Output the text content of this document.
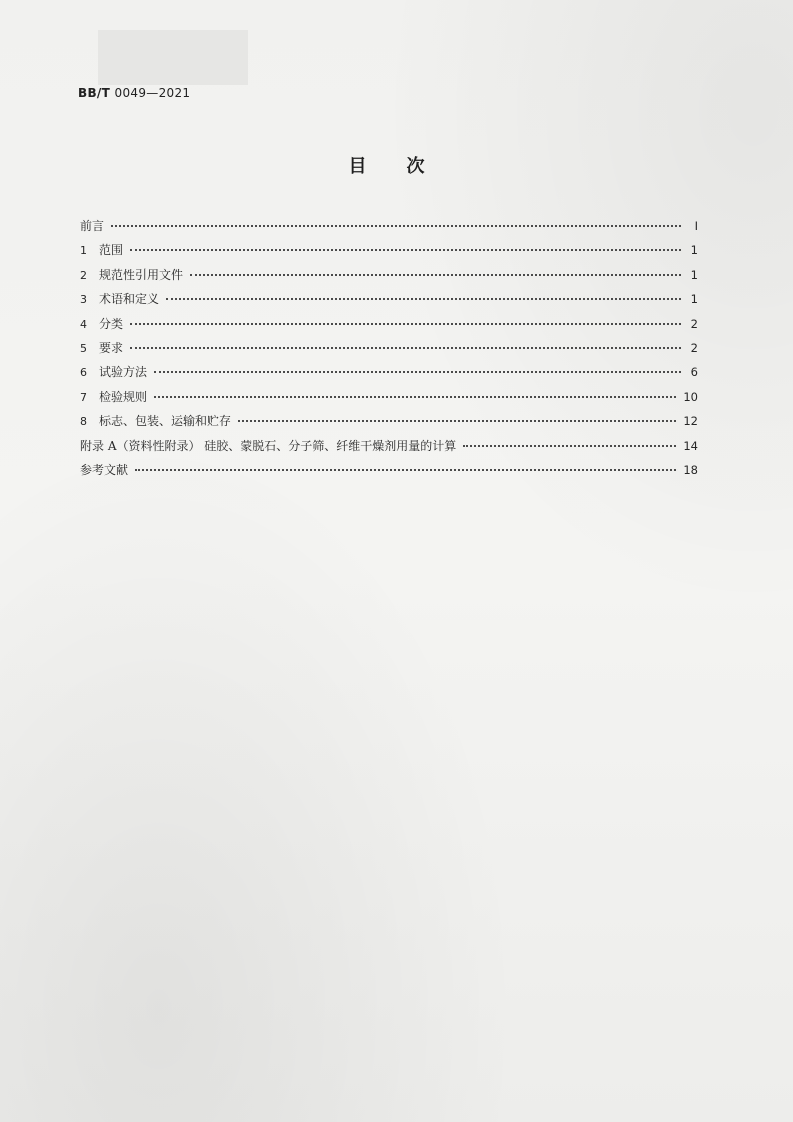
BB/T 0049—2021
目次
前言	Ⅰ
1	范围	1
2	规范性引用文件	1
3	术语和定义	1
4	分类	2
5	要求	2
6	试验方法	6
7	检验规则	10
8	标志、包装、运输和贮存	12
附录 A（资料性附录） 硅胶、蒙脱石、分子筛、纤维干燥剂用量的计算	14
参考文献	18
